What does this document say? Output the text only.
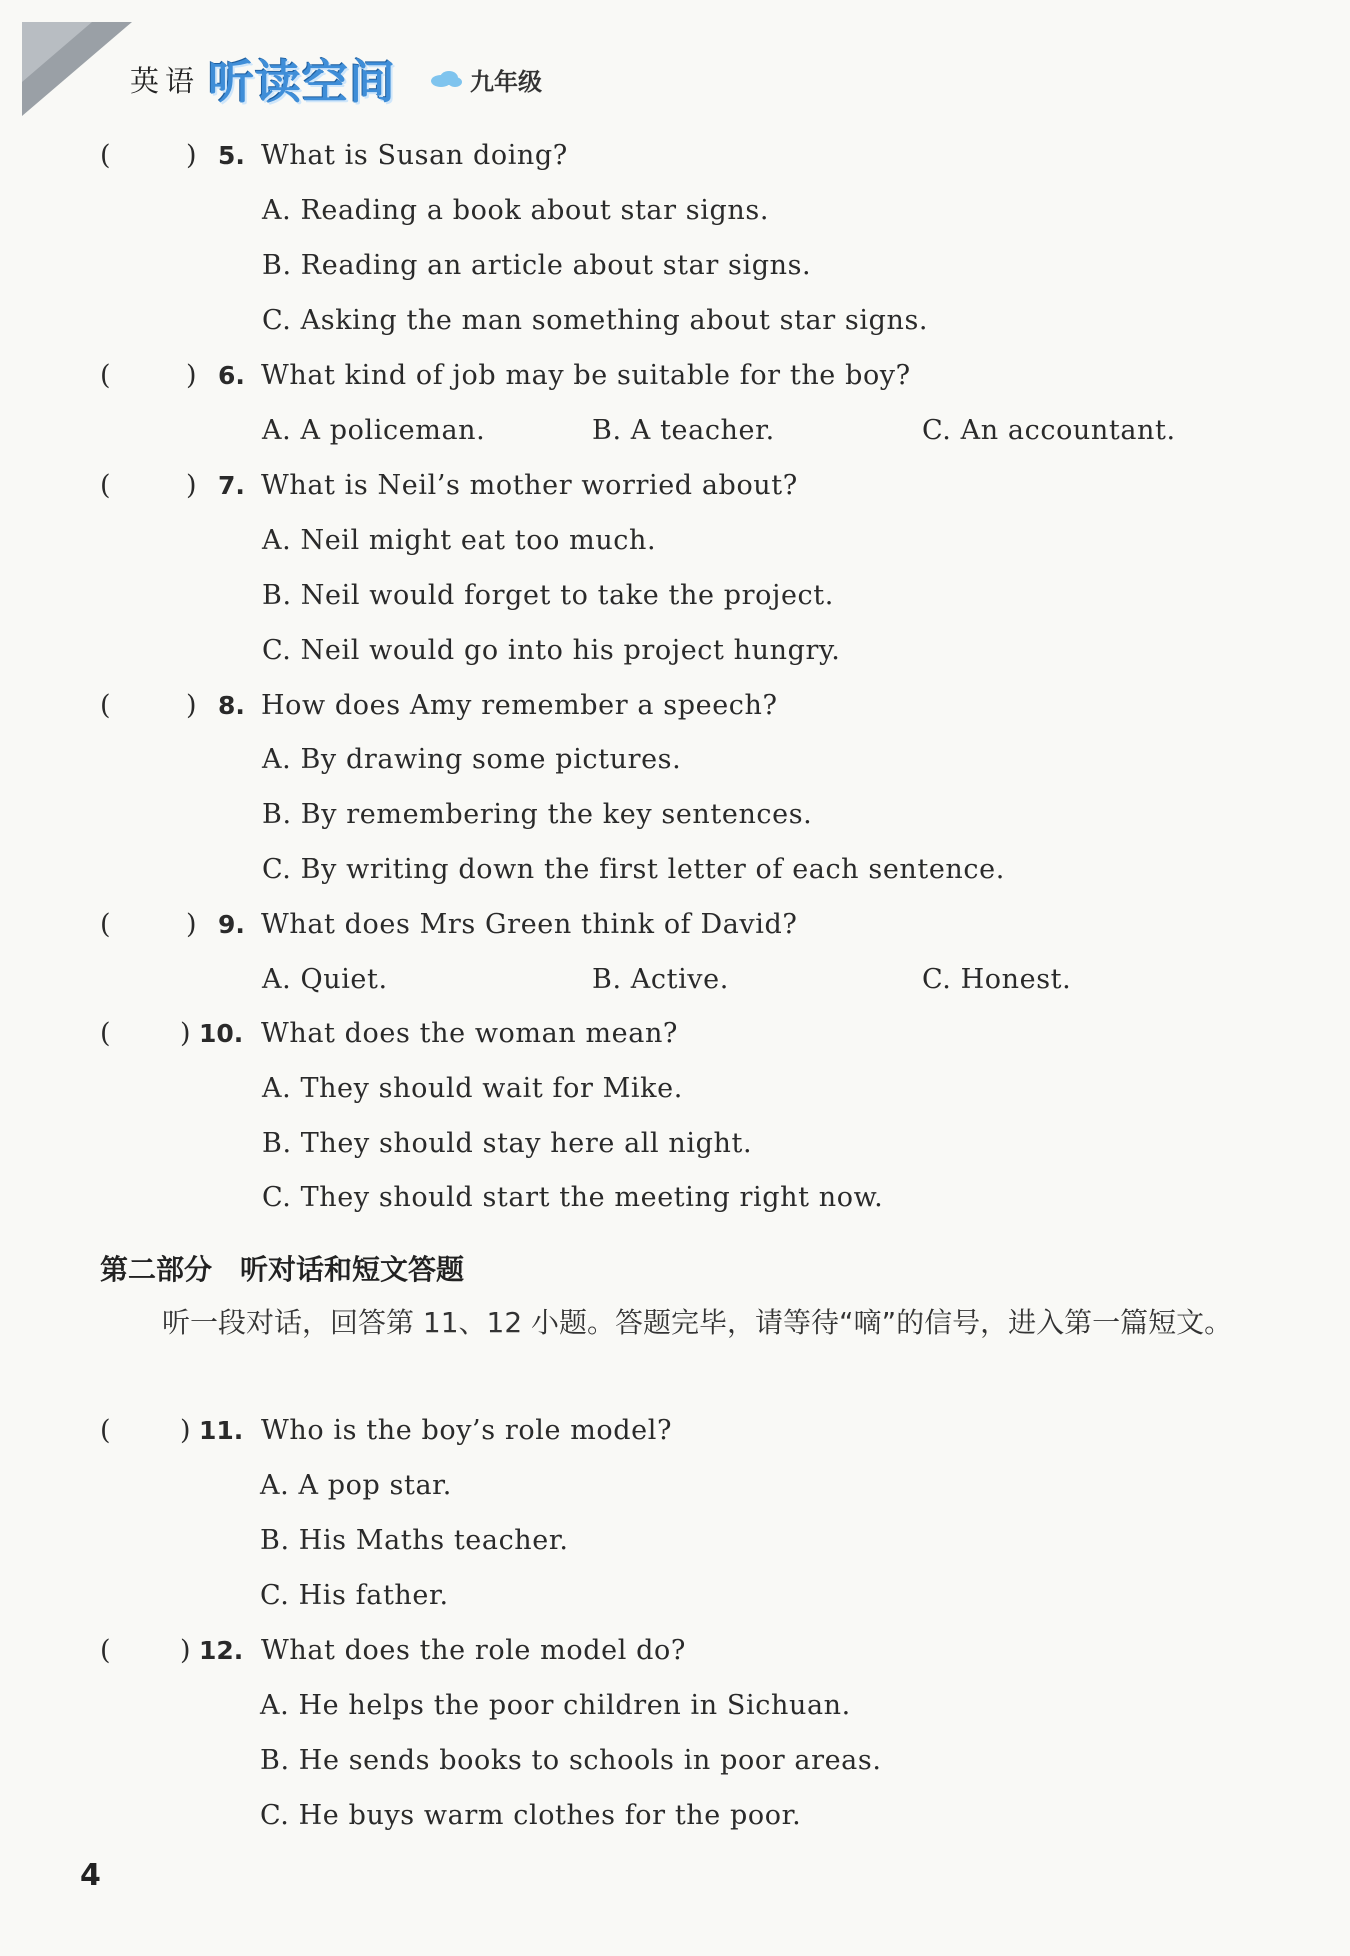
英语 听读空间	九年级
(	) 5. What is Susan doing?
A. Reading a book about star signs.
B. Reading an article about star signs.
C. Asking the man something about star signs.
(	) 6. What kind of job may be suitable for the boy?
A. A policeman.	B. A teacher.	C. An accountant.
(	) 7. What is Neil’s mother worried about?
A. Neil might eat too much.
B. Neil would forget to take the project.
C. Neil would go into his project hungry.
(	) 8. How does Amy remember a speech?
A. By drawing some pictures.
B. By remembering the key sentences.
C. By writing down the first letter of each sentence.
(	) 9. What does Mrs Green think of David?
A. Quiet.	B. Active.	C. Honest.
(	) 10. What does the woman mean?
A. They should wait for Mike.
B. They should stay here all night.
C. They should start the meeting right now.
第二部分　听对话和短文答题
听一段对话，回答第 11、12 小题。答题完毕，请等待“嘀”的信号，进入第一篇短文。
(	) 11. Who is the boy’s role model?
A. A pop star.
B. His Maths teacher.
C. His father.
(	) 12. What does the role model do?
A. He helps the poor children in Sichuan.
B. He sends books to schools in poor areas.
C. He buys warm clothes for the poor.
4
